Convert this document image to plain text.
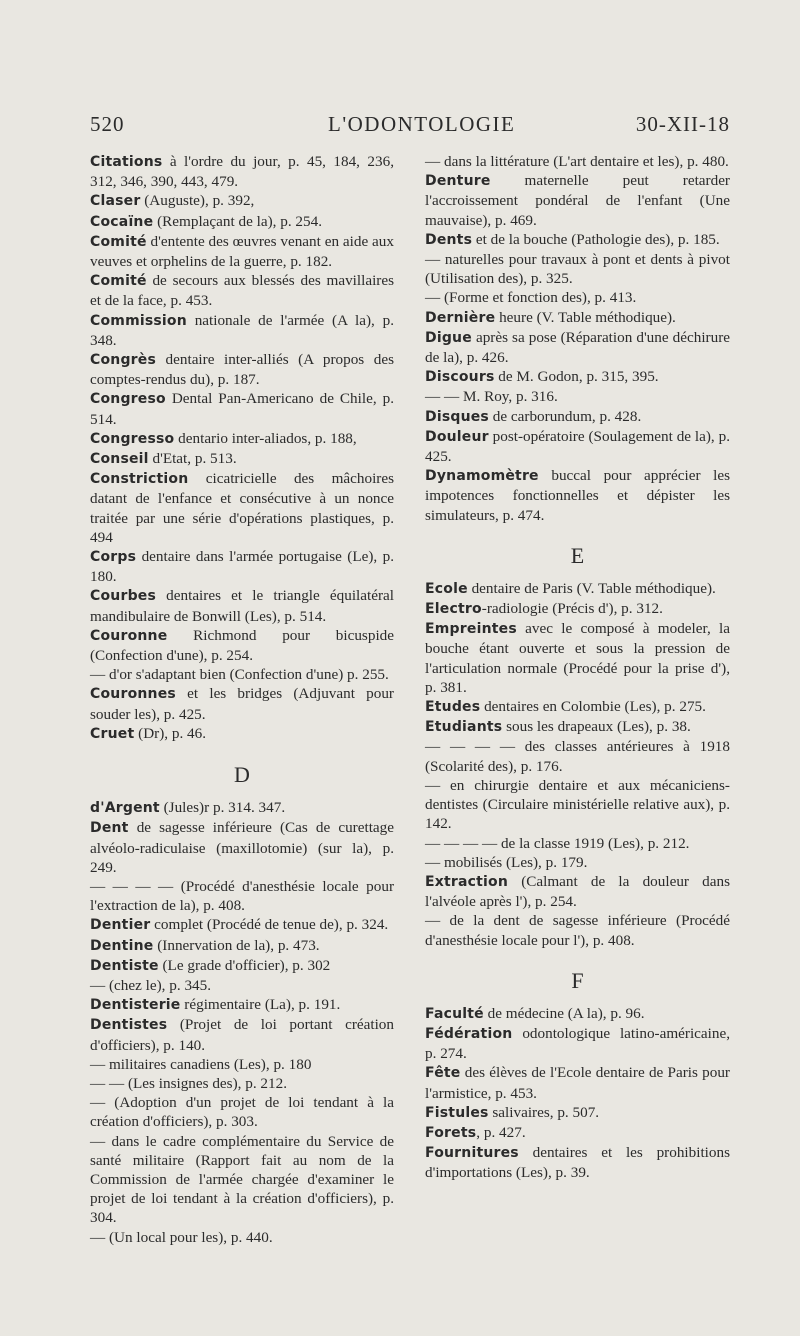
520	L'ODONTOLOGIE	30-XII-18
Citations à l'ordre du jour, p. 45, 184, 236, 312, 346, 390, 443, 479.
Claser (Auguste), p. 392,
Cocaïne (Remplaçant de la), p. 254.
Comité d'entente des œuvres venant en aide aux veuves et orphelins de la guerre, p. 182.
Comité de secours aux blessés des mavillaires et de la face, p. 453.
Commission nationale de l'armée (A la), p. 348.
Congrès dentaire inter-alliés (A propos des comptes-rendus du), p. 187.
Congreso Dental Pan-Americano de Chile, p. 514.
Congresso dentario inter-aliados, p. 188,
Conseil d'Etat, p. 513.
Constriction cicatricielle des mâchoires datant de l'enfance et consécutive à un nonce traitée par une série d'opérations plastiques, p. 494
Corps dentaire dans l'armée portugaise (Le), p. 180.
Courbes dentaires et le triangle équilatéral mandibulaire de Bonwill (Les), p. 514.
Couronne Richmond pour bicuspide (Confection d'une), p. 254.
— d'or s'adaptant bien (Confection d'une) p. 255.
Couronnes et les bridges (Adjuvant pour souder les), p. 425.
Cruet (Dr), p. 46.
D
d'Argent (Jules)r p. 314. 347.
Dent de sagesse inférieure (Cas de curettage alvéolo-radiculaise (maxillotomie) (sur la), p. 249.
— — — — (Procédé d'anesthésie locale pour l'extraction de la), p. 408.
Dentier complet (Procédé de tenue de), p. 324.
Dentine (Innervation de la), p. 473.
Dentiste (Le grade d'officier), p. 302
— (chez le), p. 345.
Dentisterie régimentaire (La), p. 191.
Dentistes (Projet de loi portant création d'officiers), p. 140.
— militaires canadiens (Les), p. 180
— — (Les insignes des), p. 212.
— (Adoption d'un projet de loi tendant à la création d'officiers), p. 303.
— dans le cadre complémentaire du Service de santé militaire (Rapport fait au nom de la Commission de l'armée chargée d'examiner le projet de loi tendant à la création d'officiers), p. 304.
— (Un local pour les), p. 440.
— dans la littérature (L'art dentaire et les), p. 480.
Denture maternelle peut retarder l'accroissement pondéral de l'enfant (Une mauvaise), p. 469.
Dents et de la bouche (Pathologie des), p. 185.
— naturelles pour travaux à pont et dents à pivot (Utilisation des), p. 325.
— (Forme et fonction des), p. 413.
Dernière heure (V. Table méthodique).
Digue après sa pose (Réparation d'une déchirure de la), p. 426.
Discours de M. Godon, p. 315, 395.
— — M. Roy, p. 316.
Disques de carborundum, p. 428.
Douleur post-opératoire (Soulagement de la), p. 425.
Dynamomètre buccal pour apprécier les impotences fonctionnelles et dépister les simulateurs, p. 474.
E
Ecole dentaire de Paris (V. Table méthodique).
Electro-radiologie (Précis d'), p. 312.
Empreintes avec le composé à modeler, la bouche étant ouverte et sous la pression de l'articulation normale (Procédé pour la prise d'), p. 381.
Etudes dentaires en Colombie (Les), p. 275.
Etudiants sous les drapeaux (Les), p. 38.
— — — — des classes antérieures à 1918 (Scolarité des), p. 176.
— en chirurgie dentaire et aux mécaniciens-dentistes (Circulaire ministérielle relative aux), p. 142.
— — — — de la classe 1919 (Les), p. 212.
— mobilisés (Les), p. 179.
Extraction (Calmant de la douleur dans l'alvéole après l'), p. 254.
— de la dent de sagesse inférieure (Procédé d'anesthésie locale pour l'), p. 408.
F
Faculté de médecine (A la), p. 96.
Fédération odontologique latino-américaine, p. 274.
Fête des élèves de l'Ecole dentaire de Paris pour l'armistice, p. 453.
Fistules salivaires, p. 507.
Forets, p. 427.
Fournitures dentaires et les prohibitions d'importations (Les), p. 39.
